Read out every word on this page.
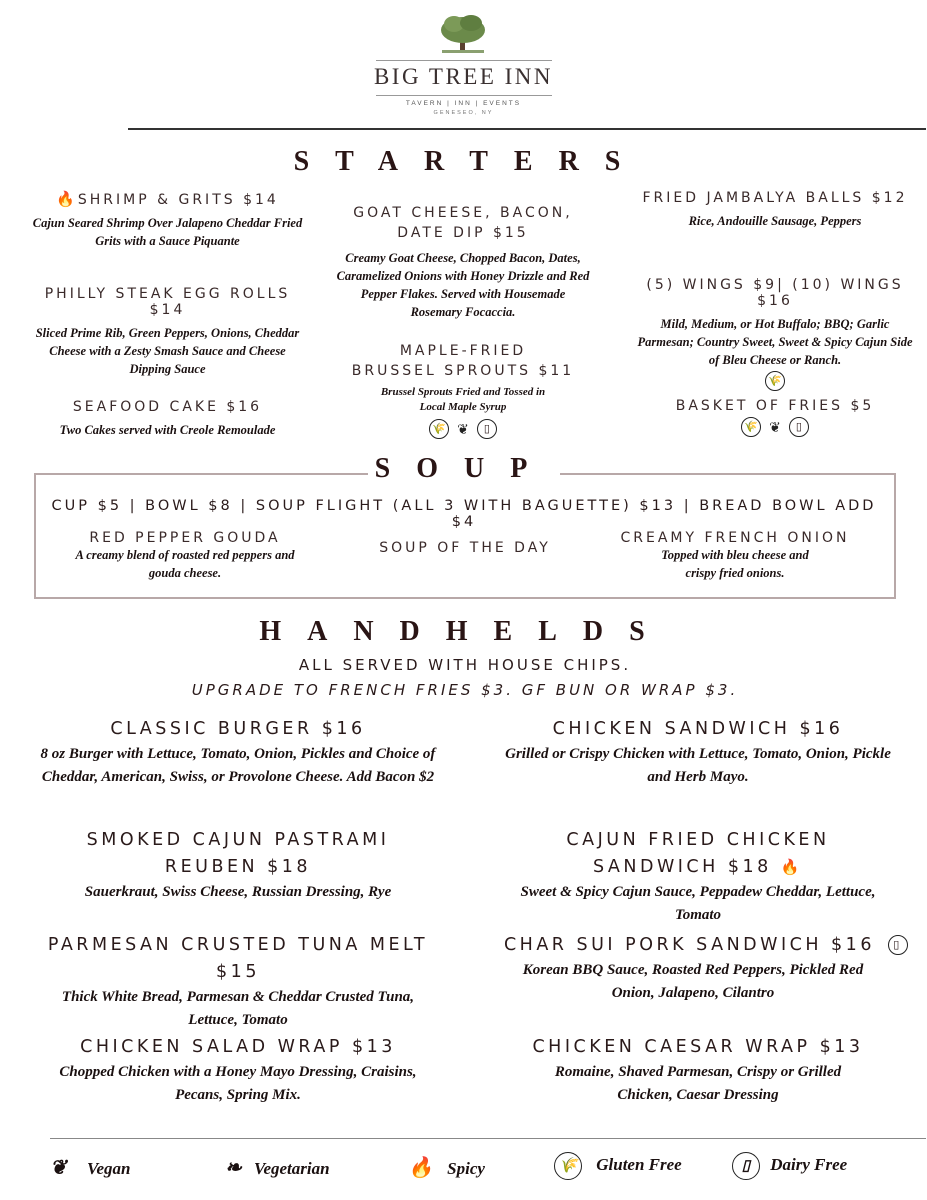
BIG TREE INN
TAVERN | INN | EVENTS
GENESEO, NY
STARTERS
🔥SHRIMP & GRITS $14
Cajun Seared Shrimp Over Jalapeno Cheddar Fried Grits with a Sauce Piquante
PHILLY STEAK EGG ROLLS $14
Sliced Prime Rib, Green Peppers, Onions, Cheddar Cheese with a Zesty Smash Sauce and Cheese Dipping Sauce
SEAFOOD CAKE $16
Two Cakes served with Creole Remoulade
GOAT CHEESE, BACON,
DATE DIP $15
Creamy Goat Cheese, Chopped Bacon, Dates, Caramelized Onions with Honey Drizzle and Red Pepper Flakes. Served with Housemade Rosemary Focaccia.
MAPLE-FRIED
BRUSSEL SPROUTS $11
Brussel Sprouts Fried and Tossed in Local Maple Syrup
🌾 ❦ ▯
FRIED JAMBALYA BALLS $12
Rice, Andouille Sausage, Peppers
(5) WINGS $9| (10) WINGS $16
Mild, Medium, or Hot Buffalo; BBQ; Garlic Parmesan; Country Sweet, Sweet & Spicy Cajun Side of Bleu Cheese or Ranch.
🌾
BASKET OF FRIES $5
🌾 ❦ ▯
SOUP
CUP $5 | BOWL $8 | SOUP FLIGHT (ALL 3 WITH BAGUETTE) $13 | BREAD BOWL ADD $4
RED PEPPER GOUDA
A creamy blend of roasted red peppers and gouda cheese.
SOUP OF THE DAY
CREAMY FRENCH ONION
Topped with bleu cheese and crispy fried onions.
HANDHELDS
ALL SERVED WITH HOUSE CHIPS.
UPGRADE TO FRENCH FRIES $3. GF BUN OR WRAP $3.
CLASSIC BURGER $16
8 oz Burger with Lettuce, Tomato, Onion, Pickles and Choice of Cheddar, American, Swiss, or Provolone Cheese. Add Bacon $2
SMOKED CAJUN PASTRAMI
REUBEN $18
Sauerkraut, Swiss Cheese, Russian Dressing, Rye
PARMESAN CRUSTED TUNA MELT $15
Thick White Bread, Parmesan & Cheddar Crusted Tuna, Lettuce, Tomato
CHICKEN SALAD WRAP $13
Chopped Chicken with a Honey Mayo Dressing, Craisins, Pecans, Spring Mix.
CHICKEN SANDWICH $16
Grilled or Crispy Chicken with Lettuce, Tomato, Onion, Pickle and Herb Mayo.
CAJUN FRIED CHICKEN
SANDWICH $18 🔥
Sweet & Spicy Cajun Sauce, Peppadew Cheddar, Lettuce, Tomato
CHAR SUI PORK SANDWICH $16 ▯
Korean BBQ Sauce, Roasted Red Peppers, Pickled Red Onion, Jalapeno, Cilantro
CHICKEN CAESAR WRAP $13
Romaine, Shaved Parmesan, Crispy or Grilled Chicken, Caesar Dressing
❦ Vegan	❧ Vegetarian	🔥 Spicy	🌾 Gluten Free	▯ Dairy Free
